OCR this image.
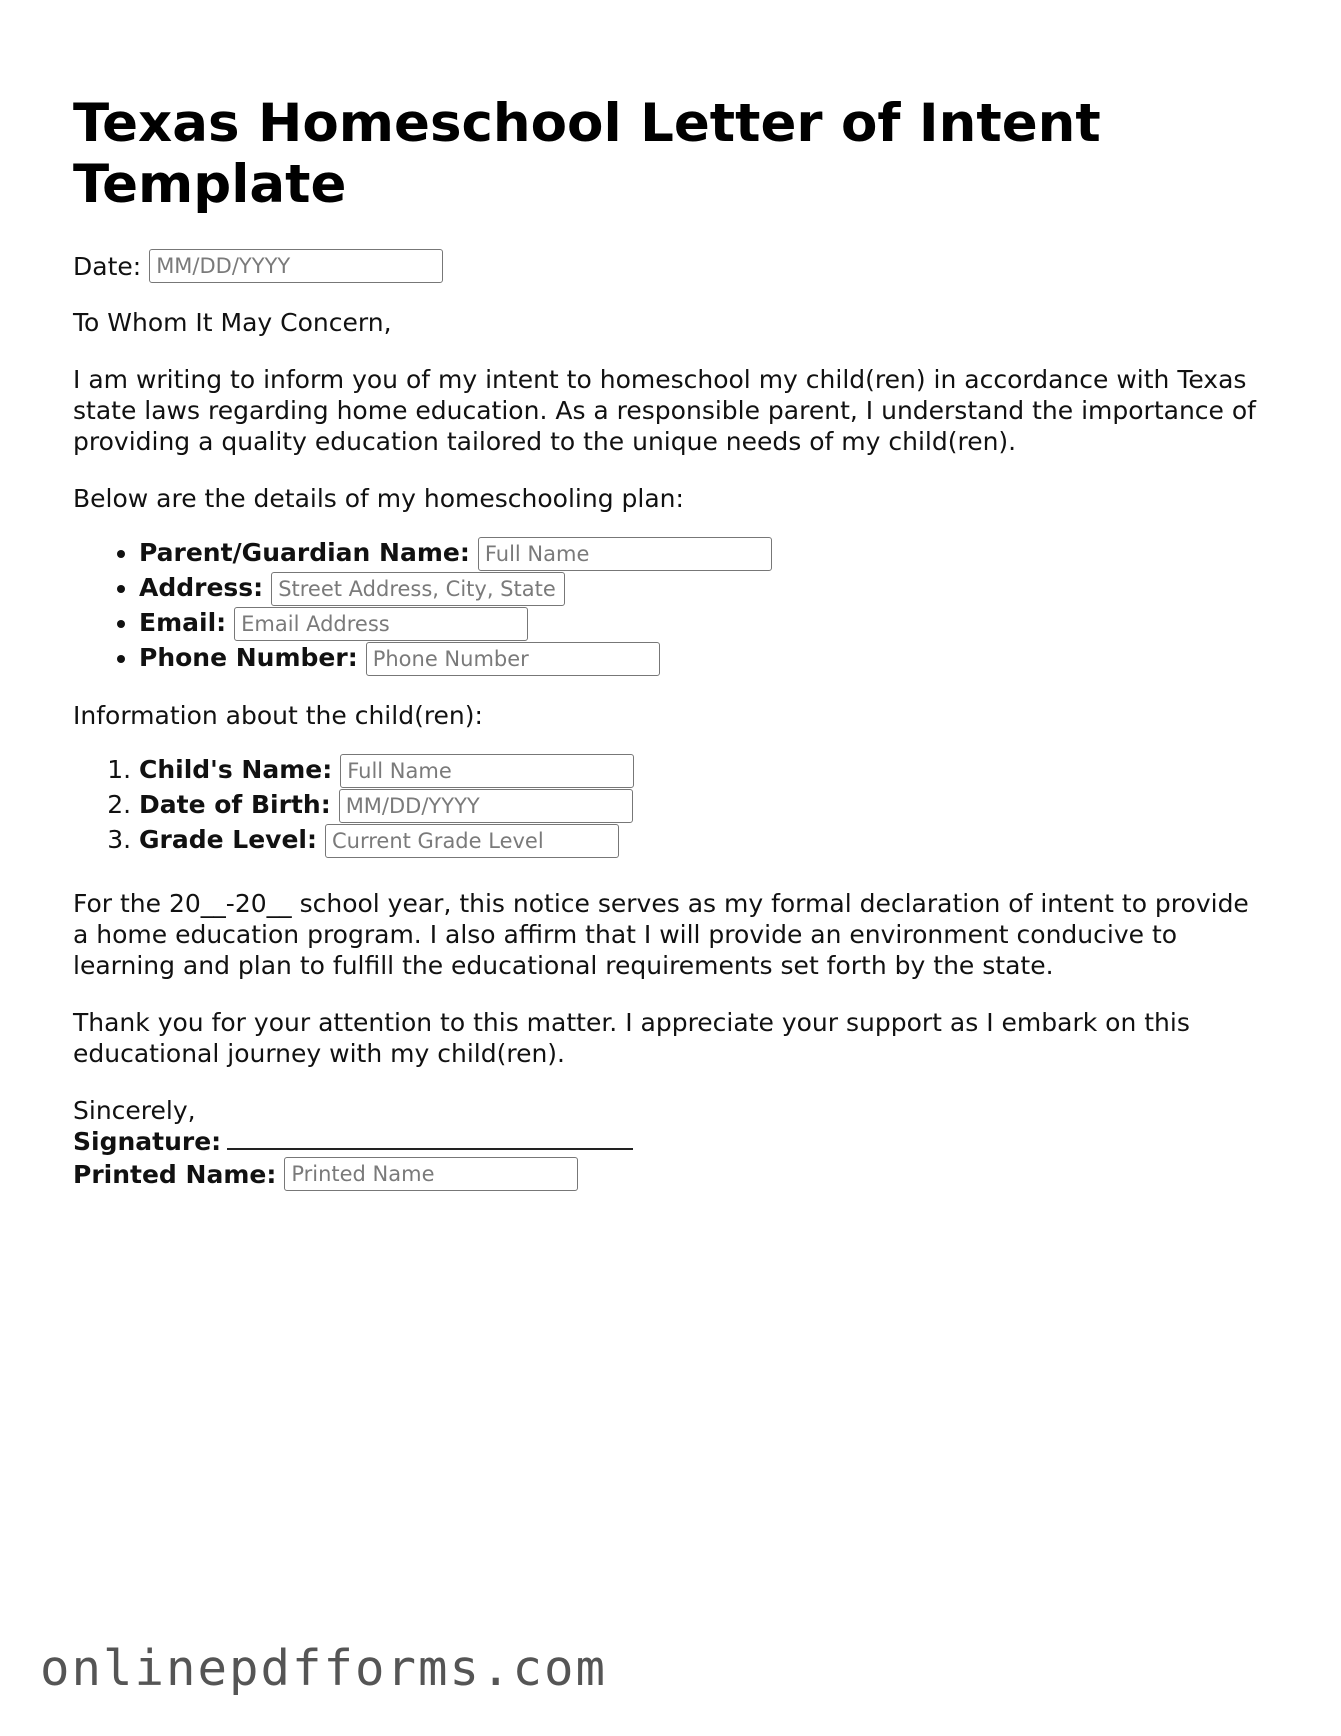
Texas Homeschool Letter of Intent Template
Date:
MM/DD/YYYY

To Whom It May Concern,

I am writing to inform you of my intent to homeschool my child(ren) in accordance with Texas state laws regarding home education. As a responsible parent, I understand the importance of providing a quality education tailored to the unique needs of my child(ren).

Below are the details of my homeschooling plan:

• Parent/Guardian Name:Full Name
• Address:Street Address, City, State
• Email:Email Address
• Phone Number:Phone Number

Information about the child(ren):

1. Child's Name:Full Name
2. Date of Birth:MM/DD/YYYY
3. Grade Level:Current Grade Level

For the 20__-20__ school year, this notice serves as my formal declaration of intent to provide a home education program. I also affirm that I will provide an environment conducive to learning and plan to fulfill the educational requirements set forth by the state.

Thank you for your attention to this matter. I appreciate your support as I embark on this educational journey with my child(ren).

Sincerely,

Signature:

Printed Name:
Printed Name

onlinepdfforms.com
